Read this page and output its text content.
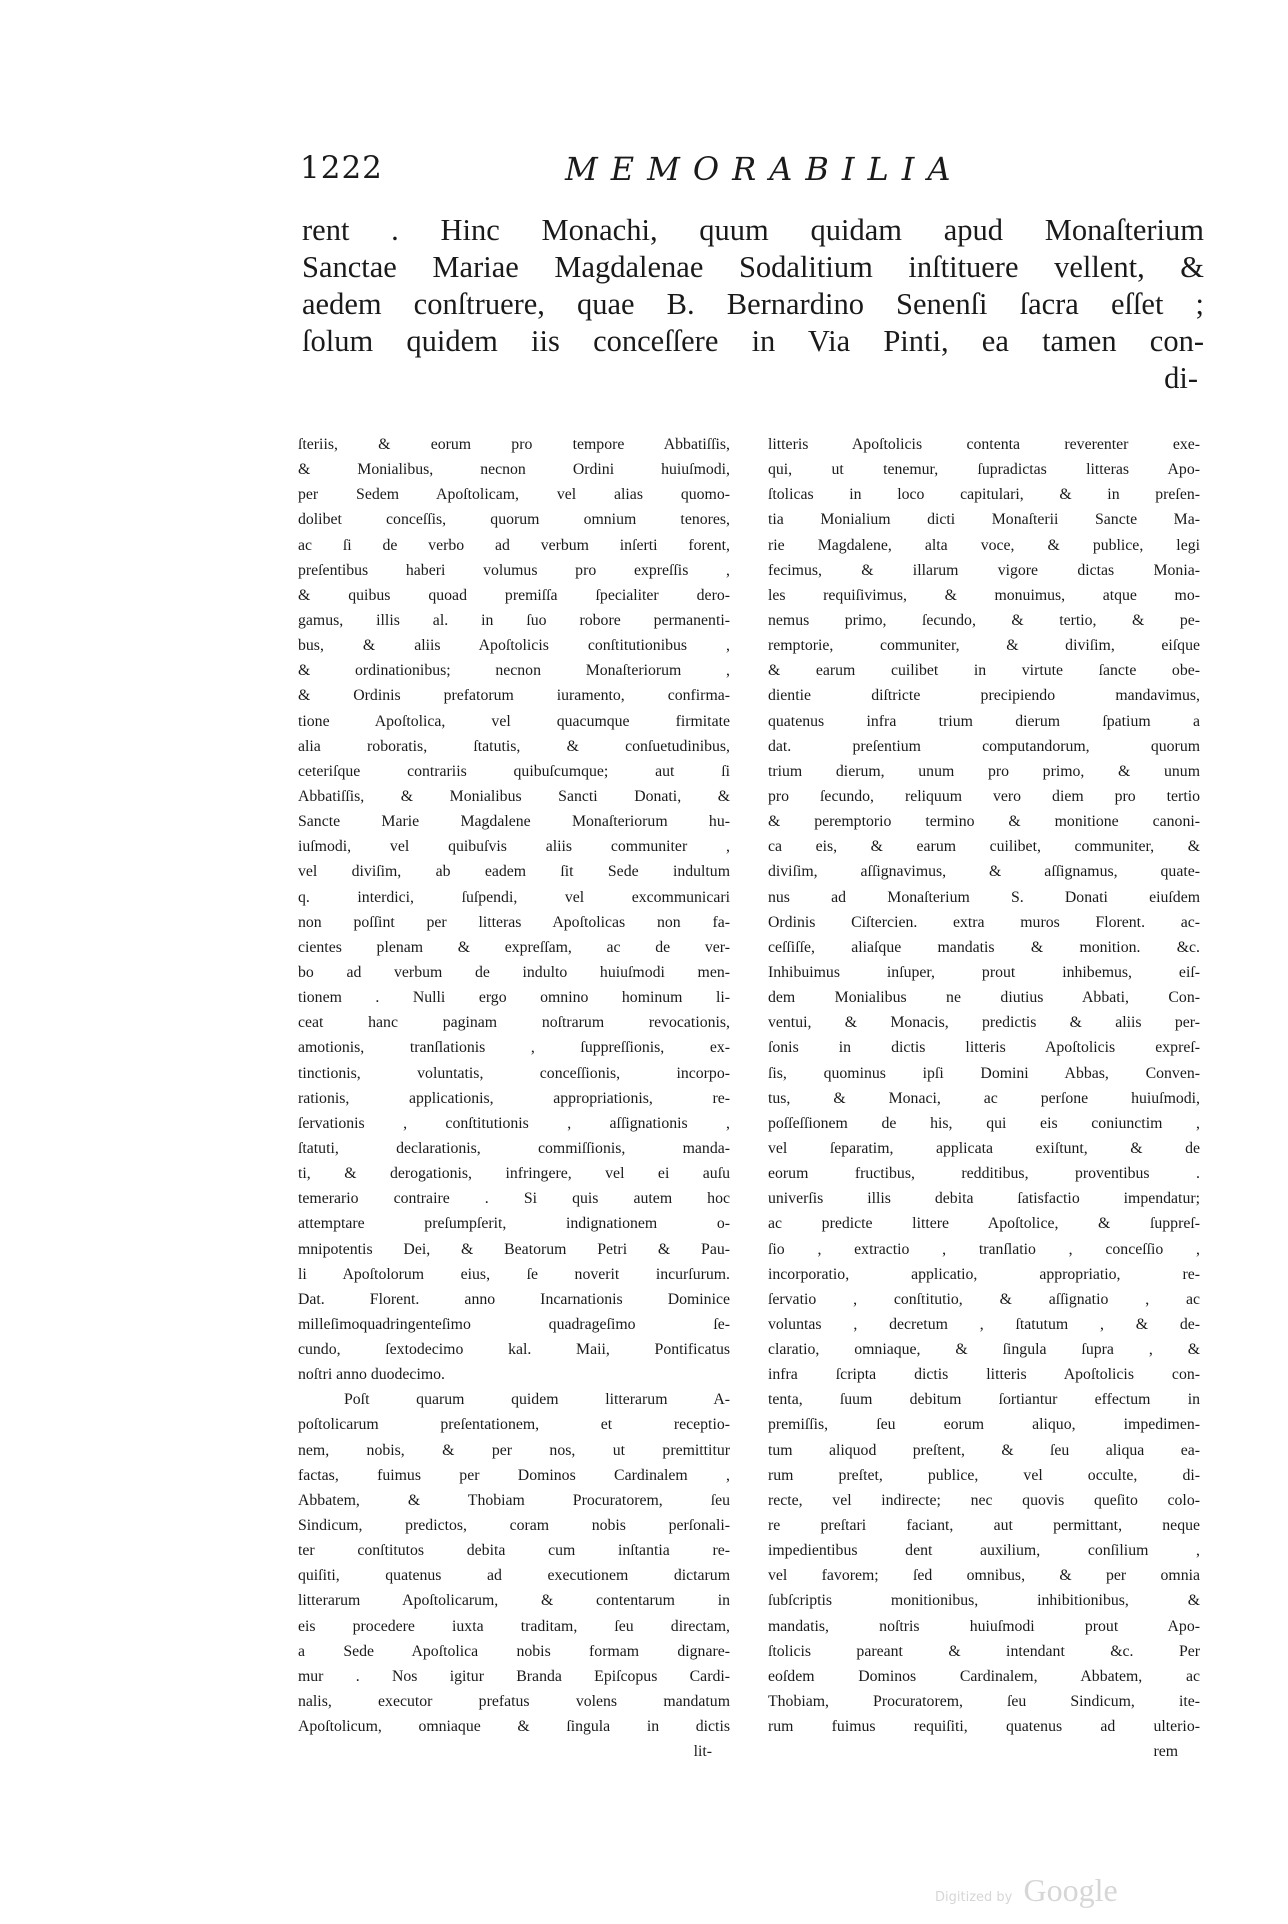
1222	MEMORABILIA
rent . Hinc Monachi, quum quidam apud Monaſterium
Sanctae Mariae Magdalenae Sodalitium inſtituere vellent, &
aedem conſtruere, quae B. Bernardino Senenſi ſacra eſſet ;
ſolum quidem iis conceſſere in Via Pinti, ea tamen con-
di-
ſteriis, & eorum pro tempore Abbatiſſis,
& Monialibus, necnon Ordini huiuſmodi,
per Sedem Apoſtolicam, vel alias quomo-
dolibet conceſſis, quorum omnium tenores,
ac ſi de verbo ad verbum inſerti forent,
preſentibus haberi volumus pro expreſſis ,
& quibus quoad premiſſa ſpecialiter dero-
gamus, illis al. in ſuo robore permanenti-
bus, & aliis Apoſtolicis conſtitutionibus ,
& ordinationibus; necnon Monaſteriorum ,
& Ordinis prefatorum iuramento, confirma-
tione Apoſtolica, vel quacumque firmitate
alia roboratis, ſtatutis, & conſuetudinibus,
ceteriſque contrariis quibuſcumque; aut ſi
Abbatiſſis, & Monialibus Sancti Donati, &
Sancte Marie Magdalene Monaſteriorum hu-
iuſmodi, vel quibuſvis aliis communiter ,
vel diviſim, ab eadem ſit Sede indultum
q. interdici, ſuſpendi, vel excommunicari
non poſſint per litteras Apoſtolicas non fa-
cientes plenam & expreſſam, ac de ver-
bo ad verbum de indulto huiuſmodi men-
tionem . Nulli ergo omnino hominum li-
ceat hanc paginam noſtrarum revocationis,
amotionis, tranſlationis , ſuppreſſionis, ex-
tinctionis, voluntatis, conceſſionis, incorpo-
rationis, applicationis, appropriationis, re-
ſervationis , conſtitutionis , aſſignationis ,
ſtatuti, declarationis, commiſſionis, manda-
ti, & derogationis, infringere, vel ei auſu
temerario contraire . Si quis autem hoc
attemptare preſumpſerit, indignationem o-
mnipotentis Dei, & Beatorum Petri & Pau-
li Apoſtolorum eius, ſe noverit incurſurum.
Dat. Florent. anno Incarnationis Dominice
milleſimoquadringenteſimo quadrageſimo ſe-
cundo, ſextodecimo kal. Maii, Pontificatus
noſtri anno duodecimo.
Poſt quarum quidem litterarum A-
poſtolicarum preſentationem, et receptio-
nem, nobis, & per nos, ut premittitur
factas, fuimus per Dominos Cardinalem ,
Abbatem, & Thobiam Procuratorem, ſeu
Sindicum, predictos, coram nobis perſonali-
ter conſtitutos debita cum inſtantia re-
quiſiti, quatenus ad executionem dictarum
litterarum Apoſtolicarum, & contentarum in
eis procedere iuxta traditam, ſeu directam,
a Sede Apoſtolica nobis formam dignare-
mur . Nos igitur Branda Epiſcopus Cardi-
nalis, executor prefatus volens mandatum
Apoſtolicum, omniaque & ſingula in dictis
lit-
litteris Apoſtolicis contenta reverenter exe-
qui, ut tenemur, ſupradictas litteras Apo-
ſtolicas in loco capitulari, & in preſen-
tia Monialium dicti Monaſterii Sancte Ma-
rie Magdalene, alta voce, & publice, legi
fecimus, & illarum vigore dictas Monia-
les requiſivimus, & monuimus, atque mo-
nemus primo, ſecundo, & tertio, & pe-
remptorie, communiter, & diviſim, eiſque
& earum cuilibet in virtute ſancte obe-
dientie diſtricte precipiendo mandavimus,
quatenus infra trium dierum ſpatium a
dat. preſentium computandorum, quorum
trium dierum, unum pro primo, & unum
pro ſecundo, reliquum vero diem pro tertio
& peremptorio termino & monitione canoni-
ca eis, & earum cuilibet, communiter, &
diviſim, aſſignavimus, & aſſignamus, quate-
nus ad Monaſterium S. Donati eiuſdem
Ordinis Ciſtercien. extra muros Florent. ac-
ceſſiſſe, aliaſque mandatis & monition. &c.
Inhibuimus inſuper, prout inhibemus, eiſ-
dem Monialibus ne diutius Abbati, Con-
ventui, & Monacis, predictis & aliis per-
ſonis in dictis litteris Apoſtolicis expreſ-
ſis, quominus ipſi Domini Abbas, Conven-
tus, & Monaci, ac perſone huiuſmodi,
poſſeſſionem de his, qui eis coniunctim ,
vel ſeparatim, applicata exiſtunt, & de
eorum fructibus, redditibus, proventibus .
univerſis illis debita ſatisfactio impendatur;
ac predicte littere Apoſtolice, & ſuppreſ-
ſio , extractio , tranſlatio , conceſſio ,
incorporatio, applicatio, appropriatio, re-
ſervatio , conſtitutio, & aſſignatio , ac
voluntas , decretum , ſtatutum , & de-
claratio, omniaque, & ſingula ſupra , &
infra ſcripta dictis litteris Apoſtolicis con-
tenta, ſuum debitum ſortiantur effectum in
premiſſis, ſeu eorum aliquo, impedimen-
tum aliquod preſtent, & ſeu aliqua ea-
rum preſtet, publice, vel occulte, di-
recte, vel indirecte; nec quovis queſito colo-
re preſtari faciant, aut permittant, neque
impedientibus dent auxilium, conſilium ,
vel favorem; ſed omnibus, & per omnia
ſubſcriptis monitionibus, inhibitionibus, &
mandatis, noſtris huiuſmodi prout Apo-
ſtolicis pareant & intendant &c. Per
eoſdem Dominos Cardinalem, Abbatem, ac
Thobiam, Procuratorem, ſeu Sindicum, ite-
rum fuimus requiſiti, quatenus ad ulterio-
rem
Digitized by Google
